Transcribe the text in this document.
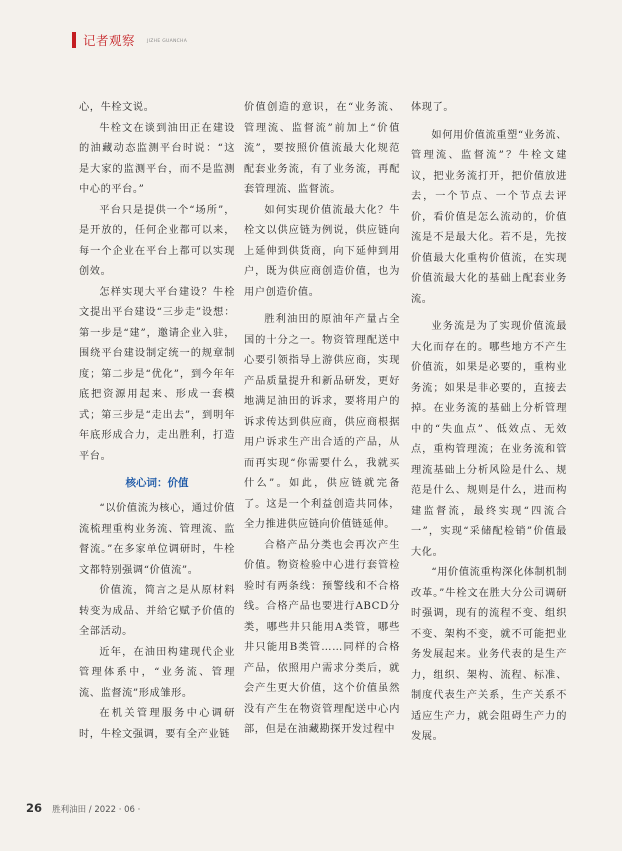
记者观察	JIZHE GUANCHA

心，牛栓文说。

牛栓文在谈到油田正在建设的油藏动态监测平台时说：“这是大家的监测平台，而不是监测中心的平台。”

平台只是提供一个“场所”，是开放的，任何企业都可以来，每一个企业在平台上都可以实现创效。

怎样实现大平台建设？牛栓文提出平台建设“三步走”设想：第一步是“建”，邀请企业入驻，围绕平台建设制定统一的规章制度；第二步是“优化”，到今年年底把资源用起来、形成一套模式；第三步是“走出去”，到明年年底形成合力，走出胜利，打造平台。

核心词：价值

“以价值流为核心，通过价值流梳理重构业务流、管理流、监督流。”在多家单位调研时，牛栓文都特别强调“价值流”。

价值流，简言之是从原材料转变为成品、并给它赋予价值的全部活动。

近年，在油田构建现代企业管理体系中，“业务流、管理流、监督流”形成雏形。

在机关管理服务中心调研时，牛栓文强调，要有全产业链

价值创造的意识，在“业务流、管理流、监督流”前加上“价值流”，要按照价值流最大化规范配套业务流，有了业务流，再配套管理流、监督流。

如何实现价值流最大化？牛栓文以供应链为例说，供应链向上延伸到供货商，向下延伸到用户，既为供应商创造价值，也为用户创造价值。

胜利油田的原油年产量占全国的十分之一。物资管理配送中心要引领指导上游供应商，实现产品质量提升和新品研发，更好地满足油田的诉求，要将用户的诉求传达到供应商，供应商根据用户诉求生产出合适的产品，从而再实现“你需要什么，我就买什么”。如此，供应链就完备了。这是一个利益创造共同体，全力推进供应链向价值链延伸。

合格产品分类也会再次产生价值。物资检验中心进行套管检验时有两条线：预警线和不合格线。合格产品也要进行ABCD分类，哪些井只能用A类管，哪些井只能用B类管……同样的合格产品，依照用户需求分类后，就会产生更大价值，这个价值虽然没有产生在物资管理配送中心内部，但是在油藏勘探开发过程中

体现了。

如何用价值流重塑“业务流、管理流、监督流”？牛栓文建议，把业务流打开，把价值放进去，一个节点、一个节点去评价，看价值是怎么流动的，价值流是不是最大化。若不是，先按价值最大化重构价值流，在实现价值流最大化的基础上配套业务流。

业务流是为了实现价值流最大化而存在的。哪些地方不产生价值流，如果是必要的，重构业务流；如果是非必要的，直接去掉。在业务流的基础上分析管理中的“失血点”、低效点、无效点，重构管理流；在业务流和管理流基础上分析风险是什么、规范是什么、规则是什么，进而构建监督流，最终实现“四流合一”，实现“采储配检销”价值最大化。

“用价值流重构深化体制机制改革。”牛栓文在胜大分公司调研时强调，现有的流程不变、组织不变、架构不变，就不可能把业务发展起来。业务代表的是生产力，组织、架构、流程、标准、制度代表生产关系，生产关系不适应生产力，就会阻碍生产力的发展。

26 胜利油田 / 2022 · 06 ·
